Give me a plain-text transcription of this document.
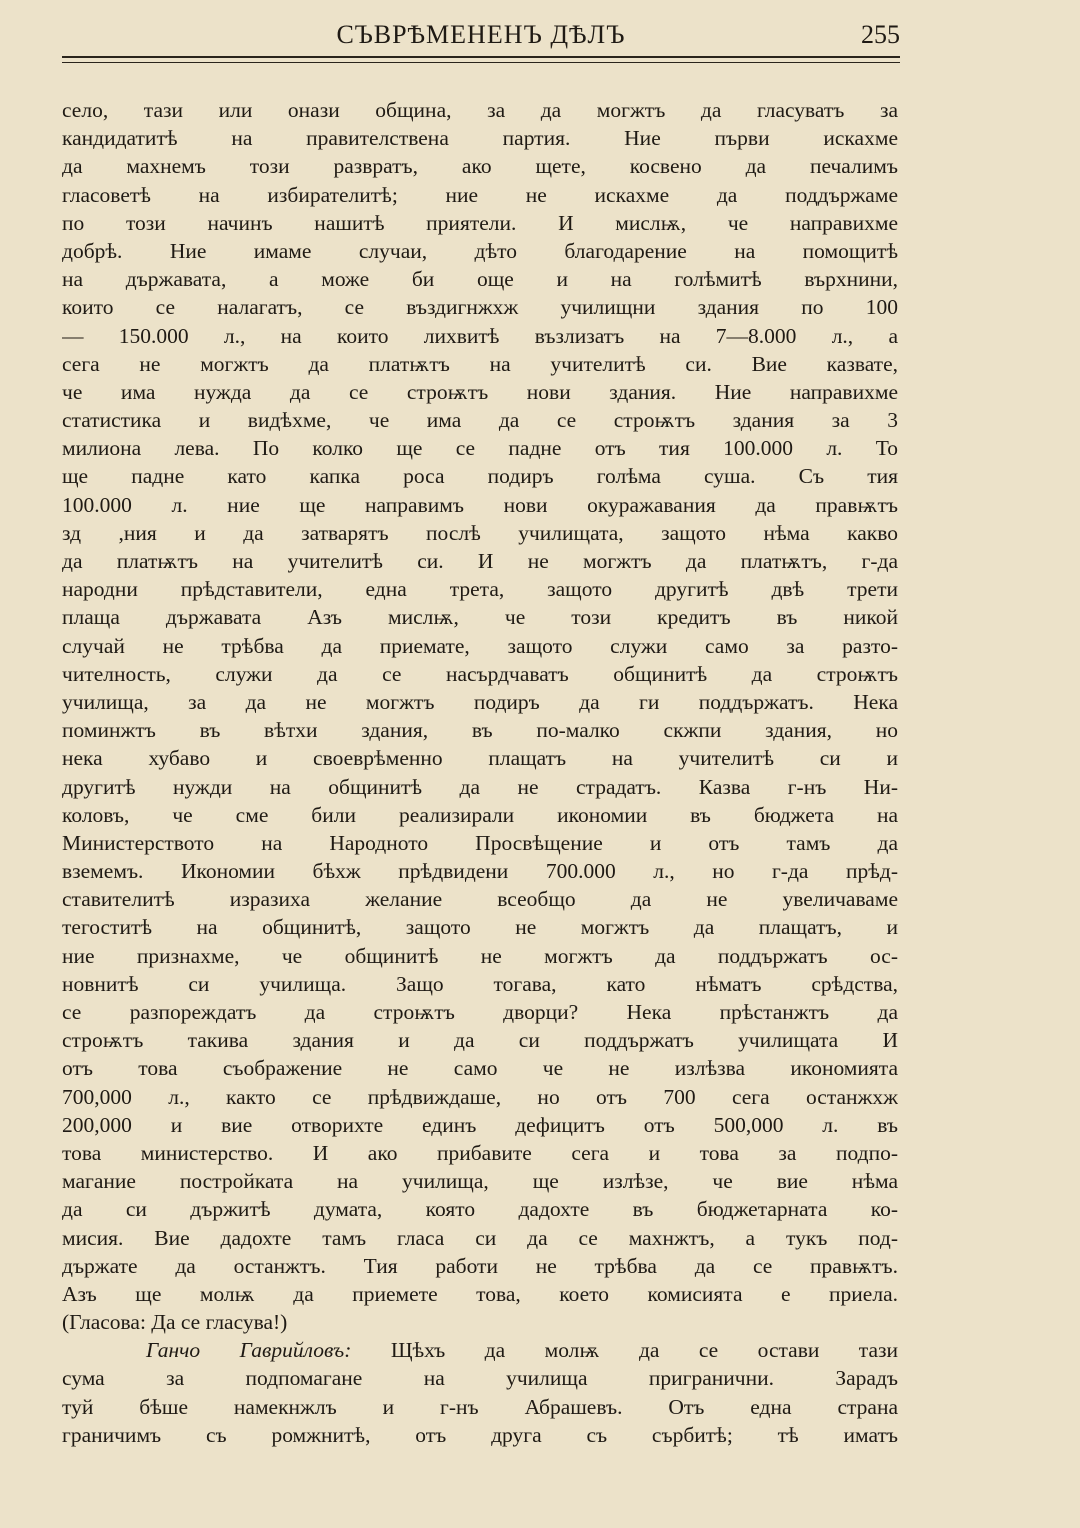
СЪВРѢМЕНЕНЪ ДѢЛЪ	255
село, тази или онази община, за да могжтъ да гласуватъ за
кандидатитѣ на правителствена партия. Ние първи искахме
да махнемъ този развратъ, ако щете, косвено да печалимъ
гласоветѣ на избирателитѣ; ние не искахме да поддържаме
по този начинъ нашитѣ приятели. И мислѭ, че направихме
добрѣ. Ние имаме случаи, дѣто благодарение на помощитѣ
на държавата, а може би още и на голѣмитѣ върхнини,
които се налагатъ, се въздигнжхж училищни здания по 100
— 150.000 л., на които лихвитѣ възлизатъ на 7—8.000 л., а
сега не могжтъ да платѭтъ на учителитѣ си. Вие казвате,
че има нужда да се строѭтъ нови здания. Ние направихме
статистика и видѣхме, че има да се строѭтъ здания за 3
милиона лева. По колко ще се падне отъ тия 100.000 л. То
ще падне като капка роса подиръ голѣма суша. Съ тия
100.000 л. ние ще направимъ нови окуражавания да правѭтъ
зд ,ния и да затварятъ послѣ училищата, защото нѣма какво
да платѭтъ на учителитѣ си. И не могжтъ да платѭтъ, г-да
народни прѣдставители, една трета, защото другитѣ двѣ трети
плаща държавата Азъ мислѭ, че този кредитъ въ никой
случай не трѣбва да приемате, защото служи само за разто-
чителность, служи да се насърдчаватъ общинитѣ да строѭтъ
училища, за да не могжтъ подиръ да ги поддържатъ. Нека
поминжтъ въ вѣтхи здания, въ по-малко скжпи здания, но
нека хубаво и своеврѣменно плащатъ на учителитѣ си и
другитѣ нужди на общинитѣ да не страдатъ. Казва г-нъ Ни-
коловъ, че сме били реализирали икономии въ бюджета на
Министерството на Народното Просвѣщение и отъ тамъ да
вземемъ. Икономии бѣхж прѣдвидени 700.000 л., но г-да прѣд-
ставителитѣ изразиха желание всеобщо да не увеличаваме
тегоститѣ на общинитѣ, защото не могжтъ да плащатъ, и
ние признахме, че общинитѣ не могжтъ да поддържатъ ос-
новнитѣ си училища. Защо тогава, като нѣматъ срѣдства,
се разпореждатъ да строѭтъ дворци? Нека прѣстанжтъ да
строѭтъ такива здания и да си поддържатъ училищата И
отъ това съображение не само че не излѣзва икономията
700,000 л., както се прѣдвиждаше, но отъ 700 сега останжхж
200,000 и вие отворихте единъ дефицитъ отъ 500,000 л. въ
това министерство. И ако прибавите сега и това за подпо-
магание постройката на училища, ще излѣзе, че вие нѣма
да си държитѣ думата, която дадохте въ бюджетарната ко-
мисия. Вие дадохте тамъ гласа си да се махнжтъ, а тукъ под-
държате да останжтъ. Тия работи не трѣбва да се правѭтъ.
Азъ ще молѭ да приемете това, което комисията е приела.
(Гласова: Да се гласува!)
Ганчо Гаврийловъ: Щѣхъ да молѭ да се остави тази
сума за подпомагане на училища пригранични. Зарадъ
туй бѣше намекнжлъ и г-нъ Абрашевъ. Отъ една страна
граничимъ съ ромжнитѣ, отъ друга съ сърбитѣ; тѣ иматъ
